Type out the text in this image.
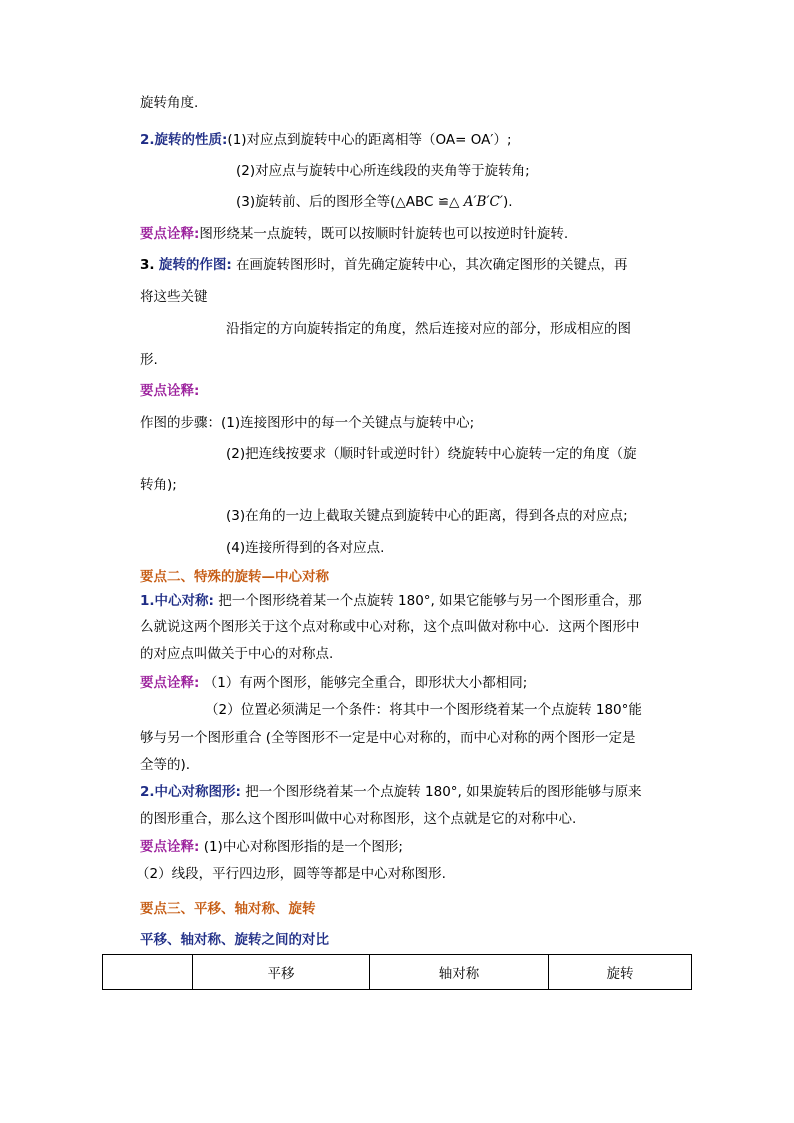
旋转角度.
2.旋转的性质:(1)对应点到旋转中心的距离相等（OA= OA′）;
(2)对应点与旋转中心所连线段的夹角等于旋转角;
(3)旋转前、后的图形全等(△ABC ≌△ A′B′C′).
要点诠释:图形绕某一点旋转，既可以按顺时针旋转也可以按逆时针旋转.
3. 旋转的作图: 在画旋转图形时，首先确定旋转中心，其次确定图形的关键点，再
将这些关键
沿指定的方向旋转指定的角度，然后连接对应的部分，形成相应的图
形.
要点诠释:
作图的步骤：(1)连接图形中的每一个关键点与旋转中心;
(2)把连线按要求（顺时针或逆时针）绕旋转中心旋转一定的角度（旋
转角);
(3)在角的一边上截取关键点到旋转中心的距离，得到各点的对应点;
(4)连接所得到的各对应点.
要点二、特殊的旋转—中心对称
1.中心对称: 把一个图形绕着某一个点旋转 180°, 如果它能够与另一个图形重合，那
么就说这两个图形关于这个点对称或中心对称，这个点叫做对称中心．这两个图形中
的对应点叫做关于中心的对称点.
要点诠释: （1）有两个图形，能够完全重合，即形状大小都相同;
（2）位置必须满足一个条件：将其中一个图形绕着某一个点旋转 180°能
够与另一个图形重合 (全等图形不一定是中心对称的，而中心对称的两个图形一定是
全等的).
2.中心对称图形: 把一个图形绕着某一个点旋转 180°, 如果旋转后的图形能够与原来
的图形重合，那么这个图形叫做中心对称图形，这个点就是它的对称中心.
要点诠释: (1)中心对称图形指的是一个图形;
（2）线段，平行四边形，圆等等都是中心对称图形.
要点三、平移、轴对称、旋转
平移、轴对称、旋转之间的对比
	平移	轴对称	旋转
